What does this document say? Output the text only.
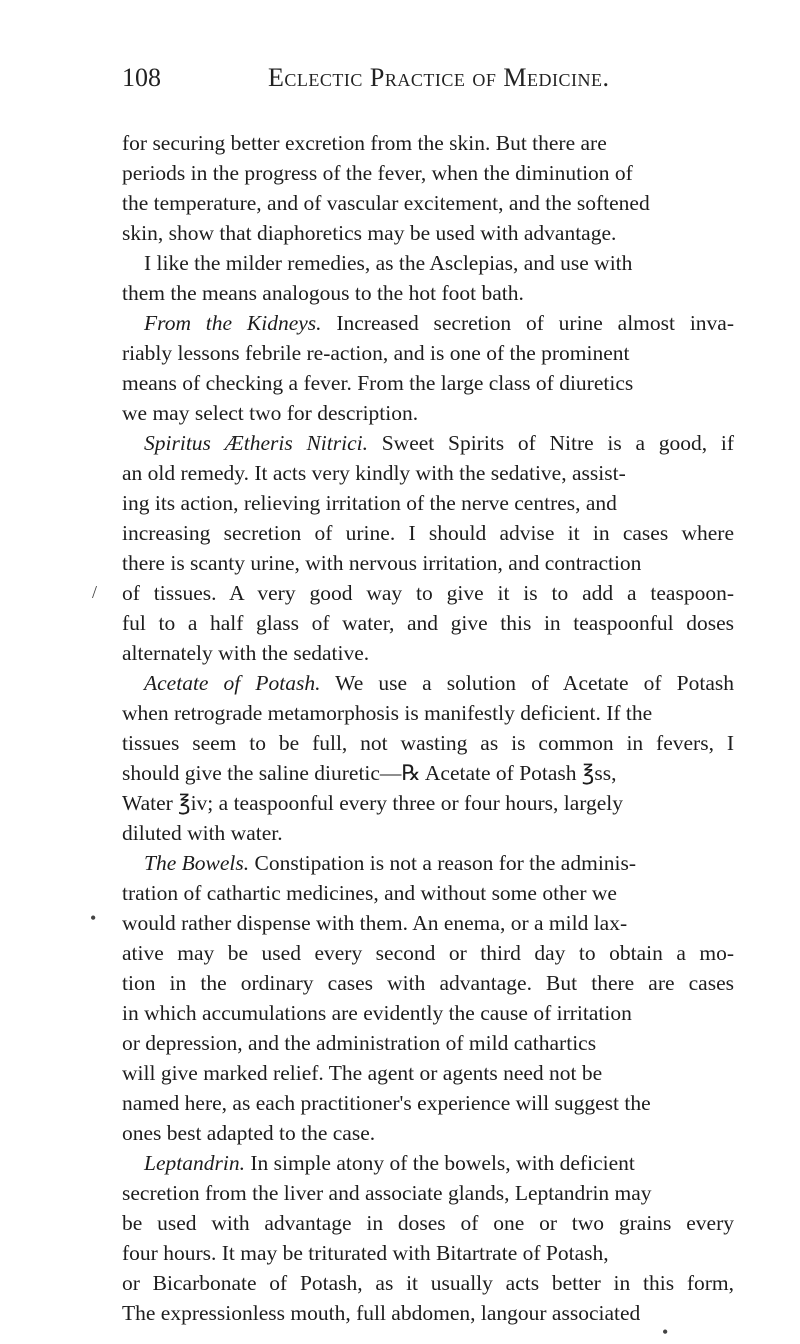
108	Eclectic Practice of Medicine.
for securing better excretion from the skin. But there are
periods in the progress of the fever, when the diminution of
the temperature, and of vascular excitement, and the softened
skin, show that diaphoretics may be used with advantage.
I like the milder remedies, as the Asclepias, and use with
them the means analogous to the hot foot bath.
From the Kidneys. Increased secretion of urine almost inva-
riably lessons febrile re-action, and is one of the prominent
means of checking a fever. From the large class of diuretics
we may select two for description.
Spiritus Ætheris Nitrici. Sweet Spirits of Nitre is a good, if
an old remedy. It acts very kindly with the sedative, assist-
ing its action, relieving irritation of the nerve centres, and
increasing secretion of urine. I should advise it in cases where
there is scanty urine, with nervous irritation, and contraction
of tissues. A very good way to give it is to add a teaspoon-
ful to a half glass of water, and give this in teaspoonful doses
alternately with the sedative.
Acetate of Potash. We use a solution of Acetate of Potash
when retrograde metamorphosis is manifestly deficient. If the
tissues seem to be full, not wasting as is common in fevers, I
should give the saline diuretic—℞ Acetate of Potash ℥ss,
Water ℥iv; a teaspoonful every three or four hours, largely
diluted with water.
The Bowels. Constipation is not a reason for the adminis-
tration of cathartic medicines, and without some other we
would rather dispense with them. An enema, or a mild lax-
ative may be used every second or third day to obtain a mo-
tion in the ordinary cases with advantage. But there are cases
in which accumulations are evidently the cause of irritation
or depression, and the administration of mild cathartics
will give marked relief. The agent or agents need not be
named here, as each practitioner's experience will suggest the
ones best adapted to the case.
Leptandrin. In simple atony of the bowels, with deficient
secretion from the liver and associate glands, Leptandrin may
be used with advantage in doses of one or two grains every
four hours. It may be triturated with Bitartrate of Potash,
or Bicarbonate of Potash, as it usually acts better in this form,
The expressionless mouth, full abdomen, langour associated
/
•
•
